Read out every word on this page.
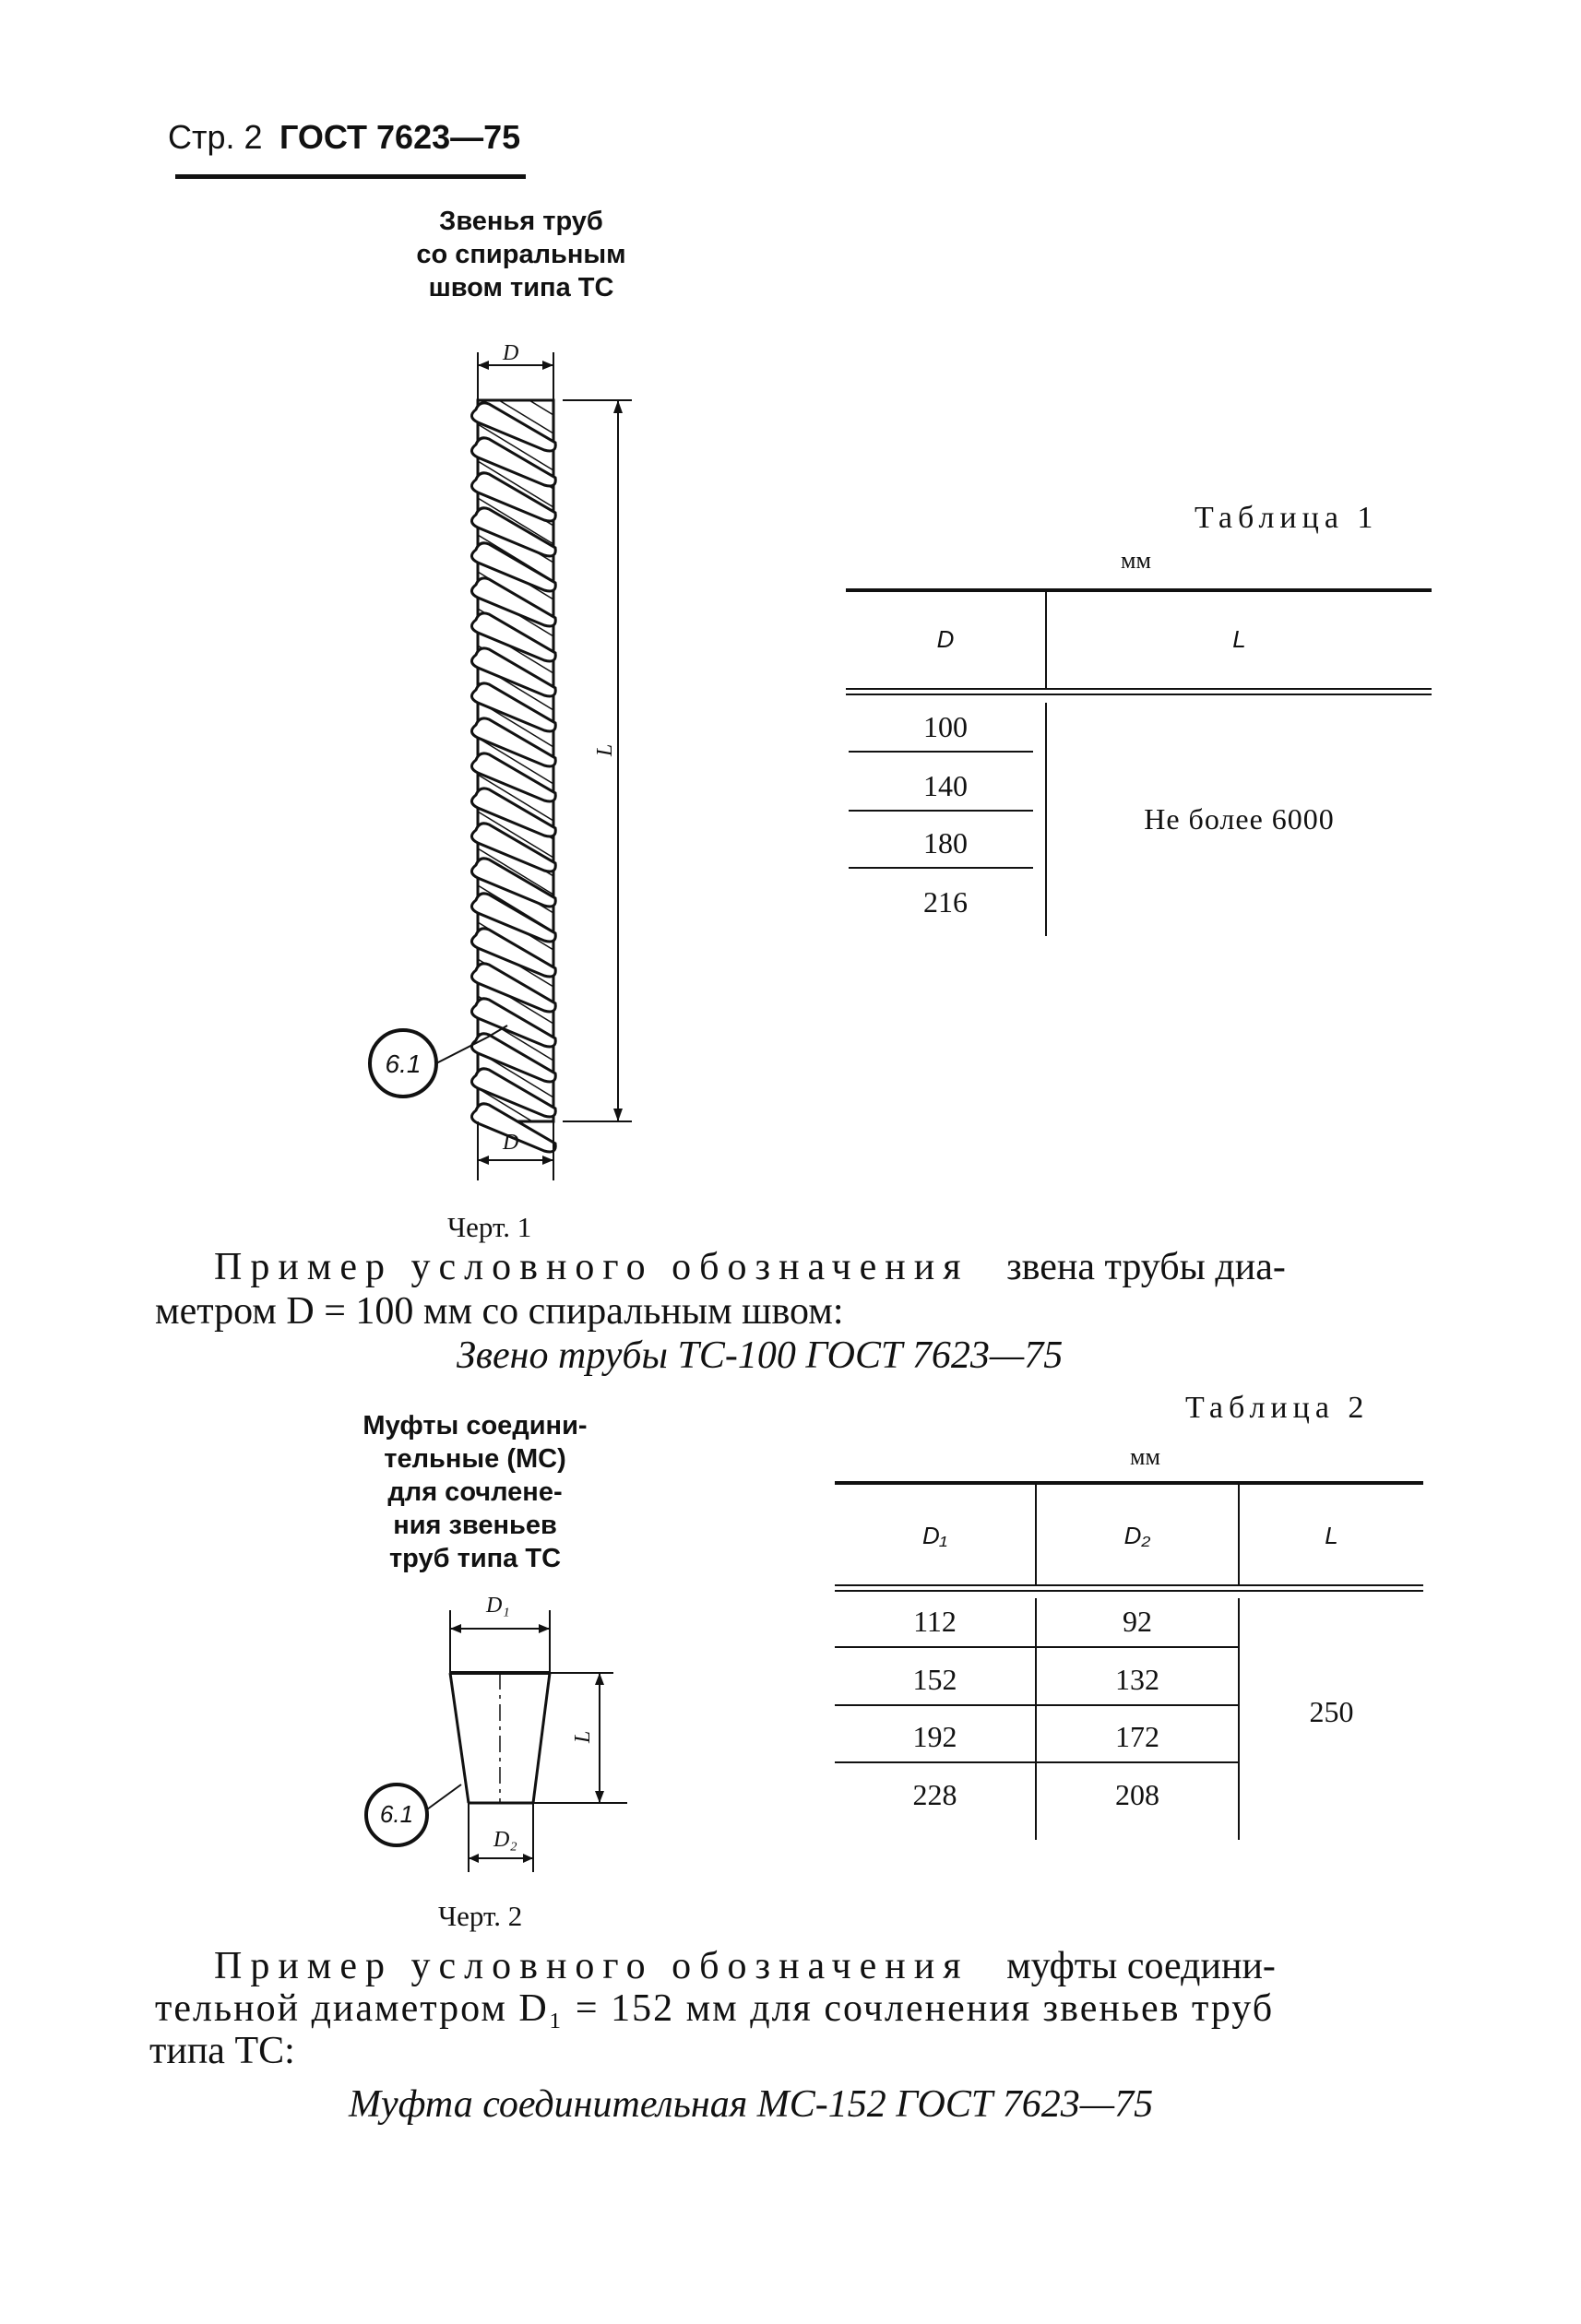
Стр. 2 ГОСТ 7623—75
Звенья труб
со спиральным
швом типа ТС
D
L
D
6.1
Черт. 1
Таблица 1
мм
D	L
100
140
180
216
Не более 6000
Пример условного обозначения звена трубы диа-
метром D = 100 мм со спиральным швом:
Звено трубы ТС-100 ГОСТ 7623—75
Муфты соедини-
тельные (МС)
для сочлене-
ния звеньев
труб типа ТС
D₁
L
D₂
6.1
Черт. 2
Таблица 2
мм
D₁	D₂	L
112	92
152	132
192	172
228	208
250
Пример условного обозначения муфты соедини-
тельной диаметром D₁ = 152 мм для сочленения звеньев труб
типа ТС:
Муфта соединительная МС-152 ГОСТ 7623—75
